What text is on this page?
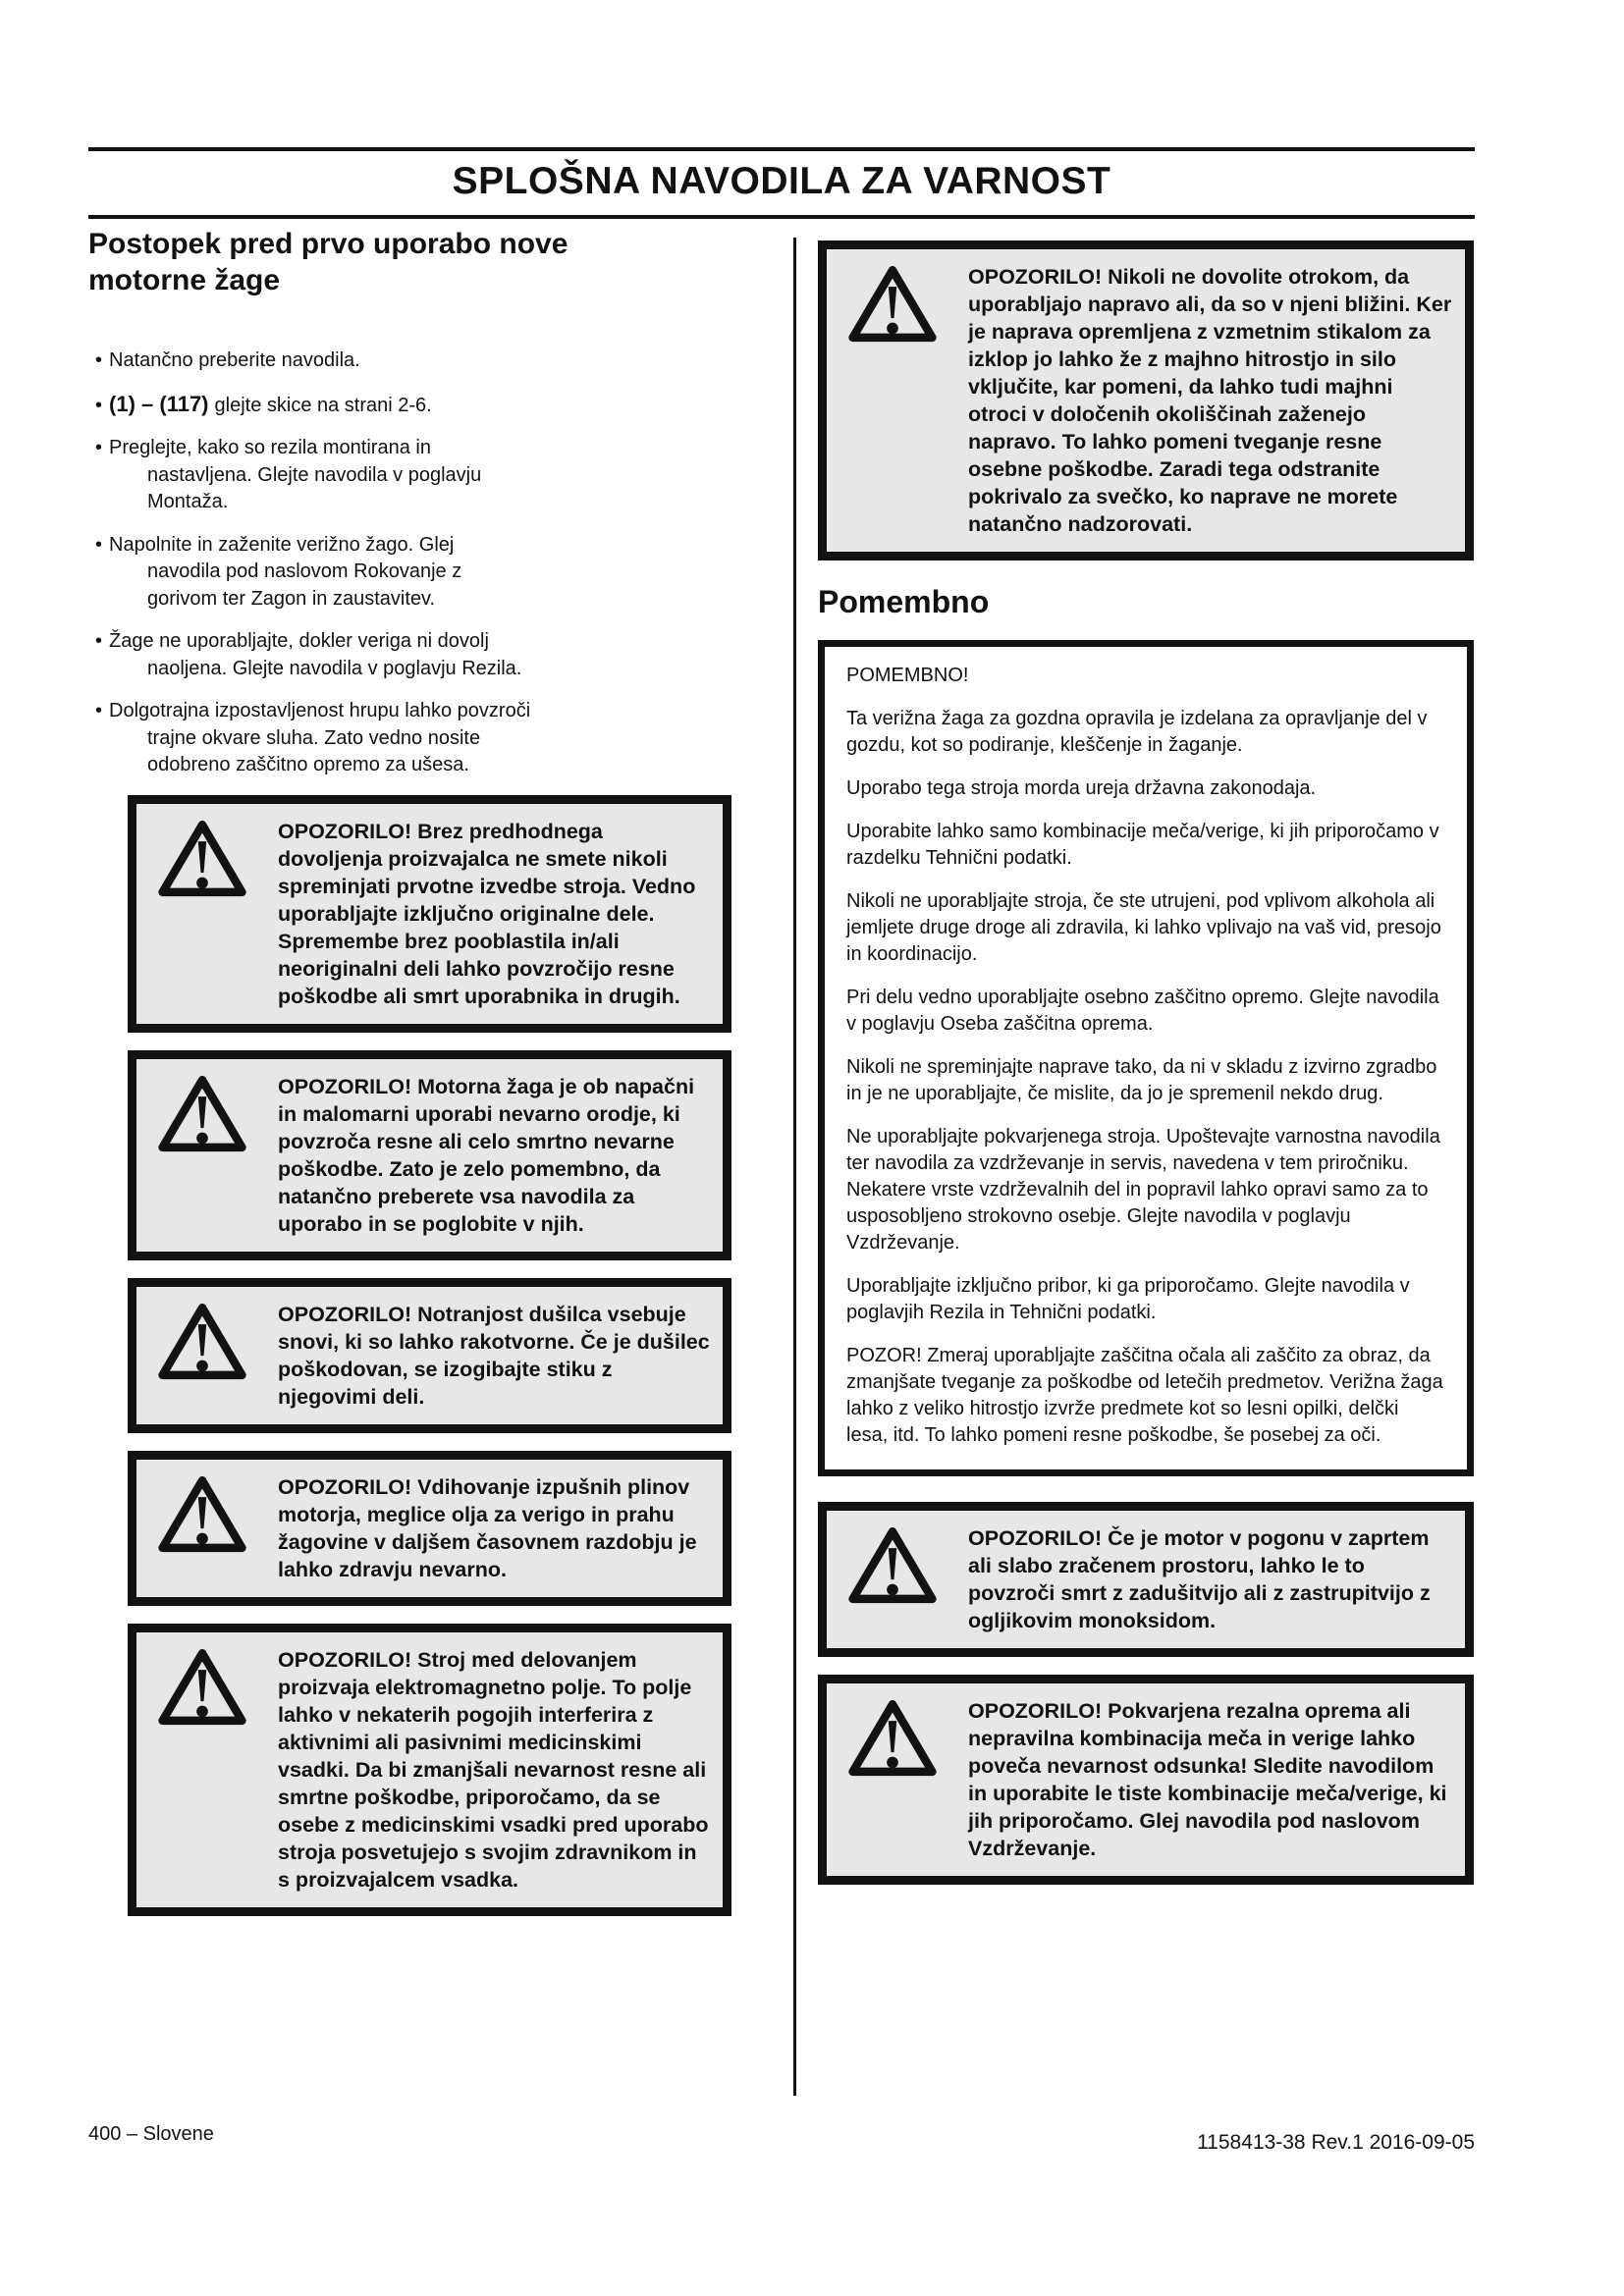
SPLOŠNA NAVODILA ZA VARNOST
Postopek pred prvo uporabo nove motorne žage
• Natančno preberite navodila.
• (1) – (117) glejte skice na strani 2-6.
• Preglejte, kako so rezila montirana in nastavljena. Glejte navodila v poglavju Montaža.
• Napolnite in zaženite verižno žago. Glej navodila pod naslovom Rokovanje z gorivom ter Zagon in zaustavitev.
• Žage ne uporabljajte, dokler veriga ni dovolj naoljena. Glejte navodila v poglavju Rezila.
• Dolgotrajna izpostavljenost hrupu lahko povzroči trajne okvare sluha. Zato vedno nosite odobreno zaščitno opremo za ušesa.
OPOZORILO! Brez predhodnega dovoljenja proizvajalca ne smete nikoli spreminjati prvotne izvedbe stroja. Vedno uporabljajte izključno originalne dele. Spremembe brez pooblastila in/ali neoriginalni deli lahko povzročijo resne poškodbe ali smrt uporabnika in drugih.
OPOZORILO! Motorna žaga je ob napačni in malomarni uporabi nevarno orodje, ki povzroča resne ali celo smrtno nevarne poškodbe. Zato je zelo pomembno, da natančno preberete vsa navodila za uporabo in se poglobite v njih.
OPOZORILO! Notranjost dušilca vsebuje snovi, ki so lahko rakotvorne. Če je dušilec poškodovan, se izogibajte stiku z njegovimi deli.
OPOZORILO! Vdihovanje izpušnih plinov motorja, meglice olja za verigo in prahu žagovine v daljšem časovnem razdobju je lahko zdravju nevarno.
OPOZORILO! Stroj med delovanjem proizvaja elektromagnetno polje. To polje lahko v nekaterih pogojih interferira z aktivnimi ali pasivnimi medicinskimi vsadki. Da bi zmanjšali nevarnost resne ali smrtne poškodbe, priporočamo, da se osebe z medicinskimi vsadki pred uporabo stroja posvetujejo s svojim zdravnikom in s proizvajalcem vsadka.
OPOZORILO! Nikoli ne dovolite otrokom, da uporabljajo napravo ali, da so v njeni bližini. Ker je naprava opremljena z vzmetnim stikalom za izklop jo lahko že z majhno hitrostjo in silo vključite, kar pomeni, da lahko tudi majhni otroci v določenih okoliščinah zaženejo napravo. To lahko pomeni tveganje resne osebne poškodbe. Zaradi tega odstranite pokrivalo za svečko, ko naprave ne morete natančno nadzorovati.
Pomembno

POMEMBNO!

Ta verižna žaga za gozdna opravila je izdelana za opravljanje del v gozdu, kot so podiranje, kleščenje in žaganje.

Uporabo tega stroja morda ureja državna zakonodaja.

Uporabite lahko samo kombinacije meča/verige, ki jih priporočamo v razdelku Tehnični podatki.

Nikoli ne uporabljajte stroja, če ste utrujeni, pod vplivom alkohola ali jemljete druge droge ali zdravila, ki lahko vplivajo na vaš vid, presojo in koordinacijo.

Pri delu vedno uporabljajte osebno zaščitno opremo. Glejte navodila v poglavju Oseba zaščitna oprema.

Nikoli ne spreminjajte naprave tako, da ni v skladu z izvirno zgradbo in je ne uporabljajte, če mislite, da jo je spremenil nekdo drug.

Ne uporabljajte pokvarjenega stroja. Upoštevajte varnostna navodila ter navodila za vzdrževanje in servis, navedena v tem priročniku. Nekatere vrste vzdrževalnih del in popravil lahko opravi samo za to usposobljeno strokovno osebje. Glejte navodila v poglavju Vzdrževanje.

Uporabljajte izključno pribor, ki ga priporočamo. Glejte navodila v poglavjih Rezila in Tehnični podatki.

POZOR! Zmeraj uporabljajte zaščitna očala ali zaščito za obraz, da zmanjšate tveganje za poškodbe od letečih predmetov. Verižna žaga lahko z veliko hitrostjo izvrže predmete kot so lesni opilki, delčki lesa, itd. To lahko pomeni resne poškodbe, še posebej za oči.

OPOZORILO! Če je motor v pogonu v zaprtem ali slabo zračenem prostoru, lahko le to povzroči smrt z zadušitvijo ali z zastrupitvijo z ogljikovim monoksidom.
OPOZORILO! Pokvarjena rezalna oprema ali nepravilna kombinacija meča in verige lahko poveča nevarnost odsunka! Sledite navodilom in uporabite le tiste kombinacije meča/verige, ki jih priporočamo. Glej navodila pod naslovom Vzdrževanje.
400 – Slovene	1158413-38 Rev.1 2016-09-05
